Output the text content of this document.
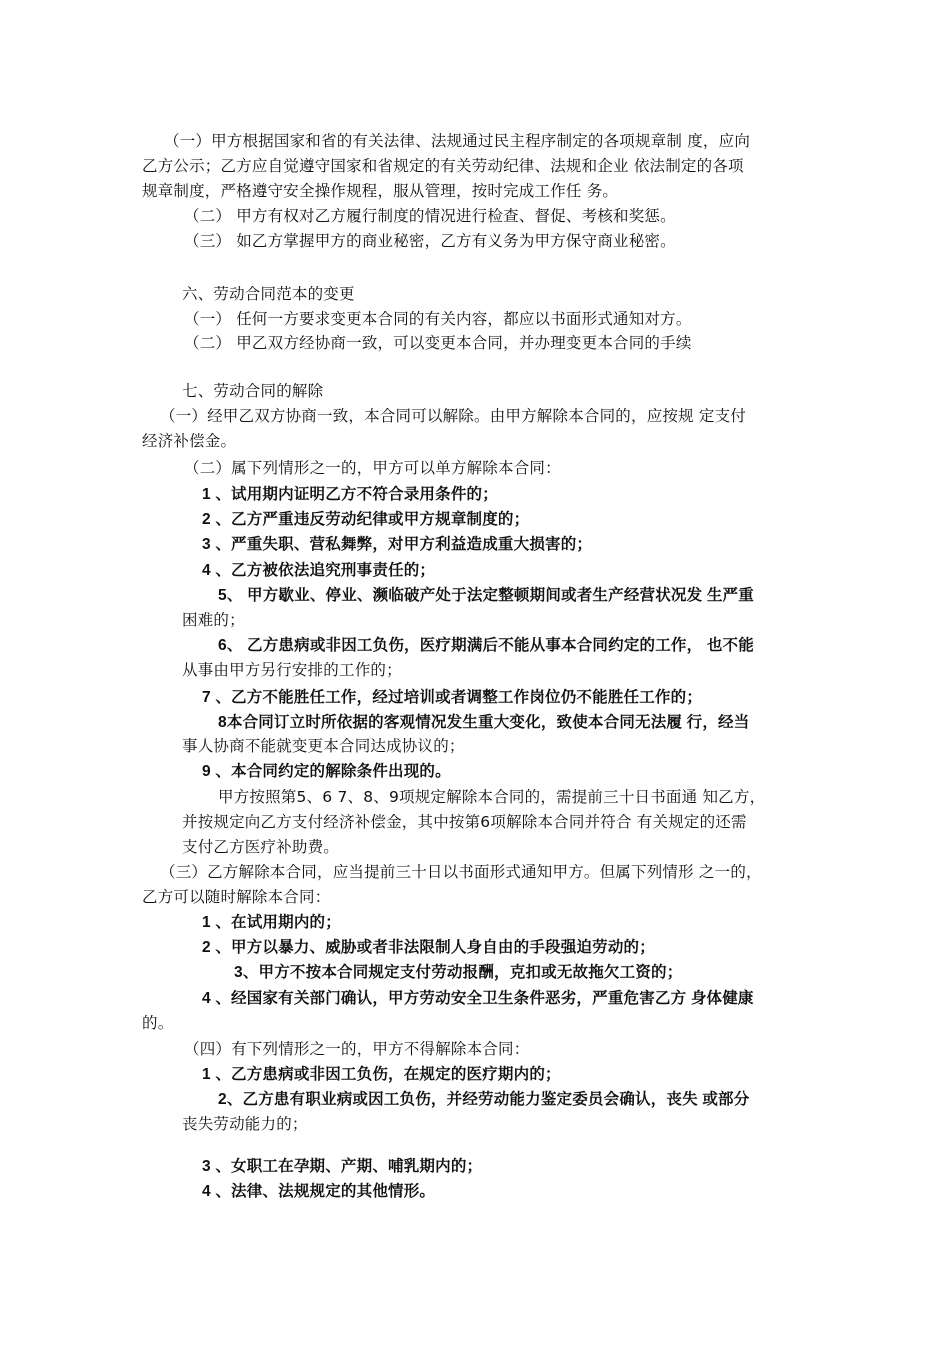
（一）甲方根据国家和省的有关法律、法规通过民主程序制定的各项规章制 度，应向
乙方公示；乙方应自觉遵守国家和省规定的有关劳动纪律、法规和企业 依法制定的各项
规章制度，严格遵守安全操作规程，服从管理，按时完成工作任 务。
（二） 甲方有权对乙方履行制度的情况进行检查、督促、考核和奖惩。
（三） 如乙方掌握甲方的商业秘密，乙方有义务为甲方保守商业秘密。
六、劳动合同范本的变更
（一） 任何一方要求变更本合同的有关内容，都应以书面形式通知对方。
（二） 甲乙双方经协商一致，可以变更本合同，并办理变更本合同的手续
七、劳动合同的解除
（一）经甲乙双方协商一致，本合同可以解除。由甲方解除本合同的，应按规 定支付
经济补偿金。
（二）属下列情形之一的，甲方可以单方解除本合同：
1 、试用期内证明乙方不符合录用条件的；
2 、乙方严重违反劳动纪律或甲方规章制度的；
3 、严重失职、营私舞弊，对甲方利益造成重大损害的；
4 、乙方被依法追究刑事责任的；
5、 甲方歇业、停业、濒临破产处于法定整顿期间或者生产经营状况发 生严重
困难的；
6、 乙方患病或非因工负伤，医疗期满后不能从事本合同约定的工作， 也不能
从事由甲方另行安排的工作的；
7 、乙方不能胜任工作，经过培训或者调整工作岗位仍不能胜任工作的；
8本合同订立时所依据的客观情况发生重大变化，致使本合同无法履 行，经当
事人协商不能就变更本合同达成协议的；
9 、本合同约定的解除条件出现的。
甲方按照第5、6 7、8、9项规定解除本合同的，需提前三十日书面通 知乙方，
并按规定向乙方支付经济补偿金，其中按第6项解除本合同并符合 有关规定的还需
支付乙方医疗补助费。
（三）乙方解除本合同，应当提前三十日以书面形式通知甲方。但属下列情形 之一的，
乙方可以随时解除本合同：
1 、在试用期内的；
2 、甲方以暴力、威胁或者非法限制人身自由的手段强迫劳动的；
3、甲方不按本合同规定支付劳动报酬，克扣或无故拖欠工资的；
4 、经国家有关部门确认，甲方劳动安全卫生条件恶劣，严重危害乙方 身体健康
的。
（四）有下列情形之一的，甲方不得解除本合同：
1 、乙方患病或非因工负伤，在规定的医疗期内的；
2、乙方患有职业病或因工负伤，并经劳动能力鉴定委员会确认，丧失 或部分
丧失劳动能力的；
3 、女职工在孕期、产期、哺乳期内的；
4 、法律、法规规定的其他情形。
